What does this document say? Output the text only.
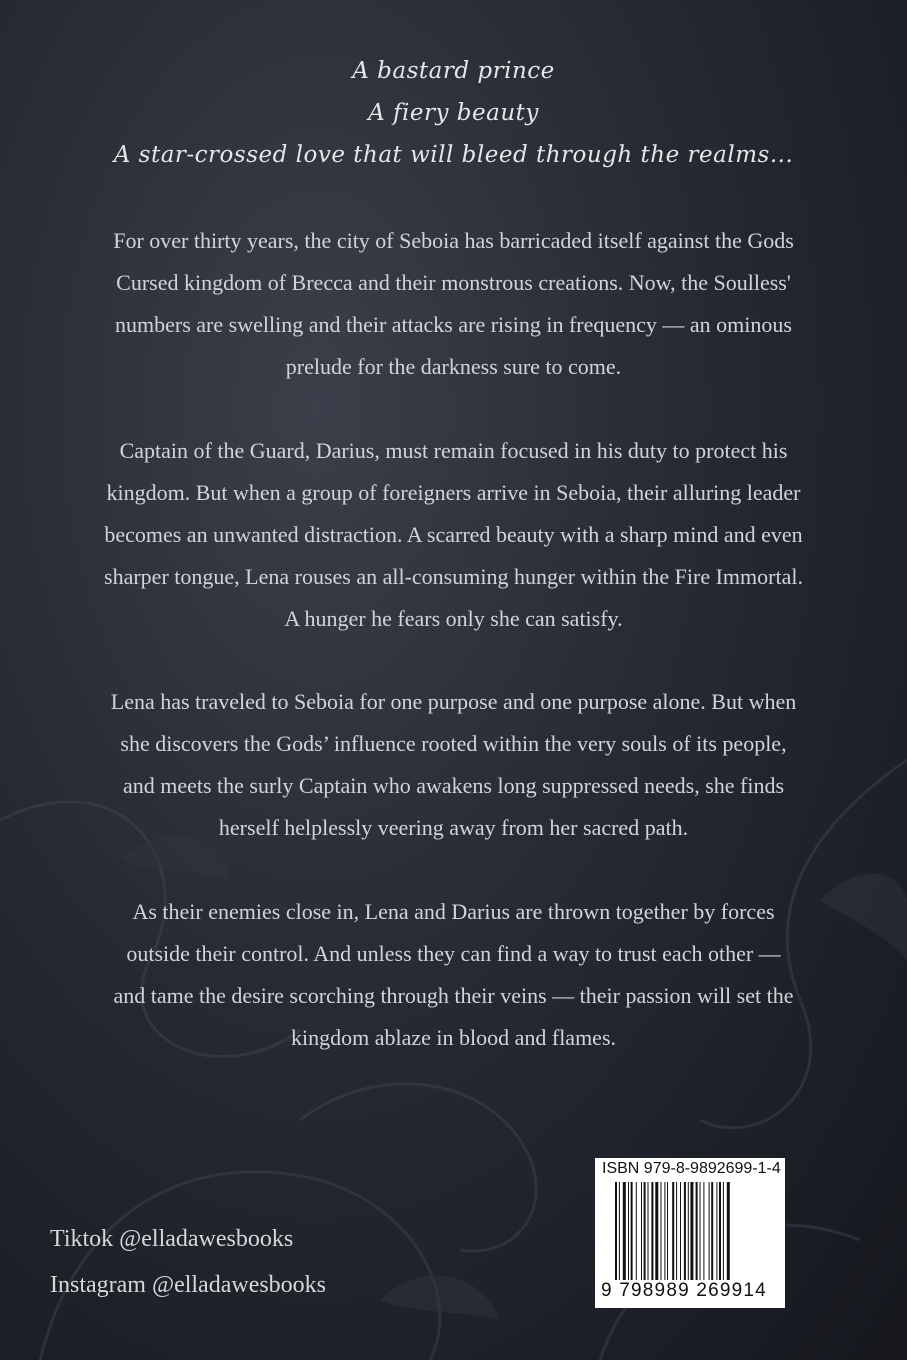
A bastard prince
A fiery beauty
A star-crossed love that will bleed through the realms...
For over thirty years, the city of Seboia has barricaded itself against the Gods
Cursed kingdom of Brecca and their monstrous creations. Now, the Soulless'
numbers are swelling and their attacks are rising in frequency — an ominous
prelude for the darkness sure to come.
Captain of the Guard, Darius, must remain focused in his duty to protect his
kingdom. But when a group of foreigners arrive in Seboia, their alluring leader
becomes an unwanted distraction. A scarred beauty with a sharp mind and even
sharper tongue, Lena rouses an all-consuming hunger within the Fire Immortal.
A hunger he fears only she can satisfy.
Lena has traveled to Seboia for one purpose and one purpose alone. But when
she discovers the Gods’ influence rooted within the very souls of its people,
and meets the surly Captain who awakens long suppressed needs, she finds
herself helplessly veering away from her sacred path.
As their enemies close in, Lena and Darius are thrown together by forces
outside their control. And unless they can find a way to trust each other —
and tame the desire scorching through their veins — their passion will set the
kingdom ablaze in blood and flames.
Tiktok @elladawesbooks
Instagram @elladawesbooks
ISBN 979-8-9892699-1-4
9 798989 269914
